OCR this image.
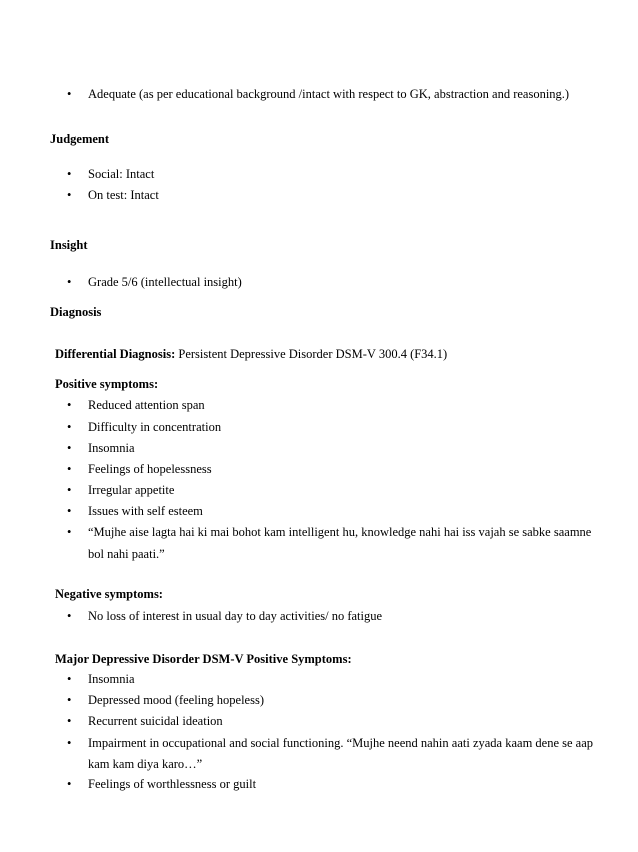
• Adequate (as per educational background /intact with respect to GK, abstraction and reasoning.)
Judgement
• Social: Intact
• On test: Intact
Insight
• Grade 5/6 (intellectual insight)
Diagnosis
Differential Diagnosis: Persistent Depressive Disorder DSM-V 300.4 (F34.1)
Positive symptoms:
• Reduced attention span
• Difficulty in concentration
• Insomnia
• Feelings of hopelessness
• Irregular appetite
• Issues with self esteem
• “Mujhe aise lagta hai ki mai bohot kam intelligent hu, knowledge nahi hai iss vajah se sabke saamne
bol nahi paati.”
Negative symptoms:
• No loss of interest in usual day to day activities/ no fatigue
Major Depressive Disorder DSM-V Positive Symptoms:
• Insomnia
• Depressed mood (feeling hopeless)
• Recurrent suicidal ideation
• Impairment in occupational and social functioning. “Mujhe neend nahin aati zyada kaam dene se aap
kam kam diya karo…”
• Feelings of worthlessness or guilt
